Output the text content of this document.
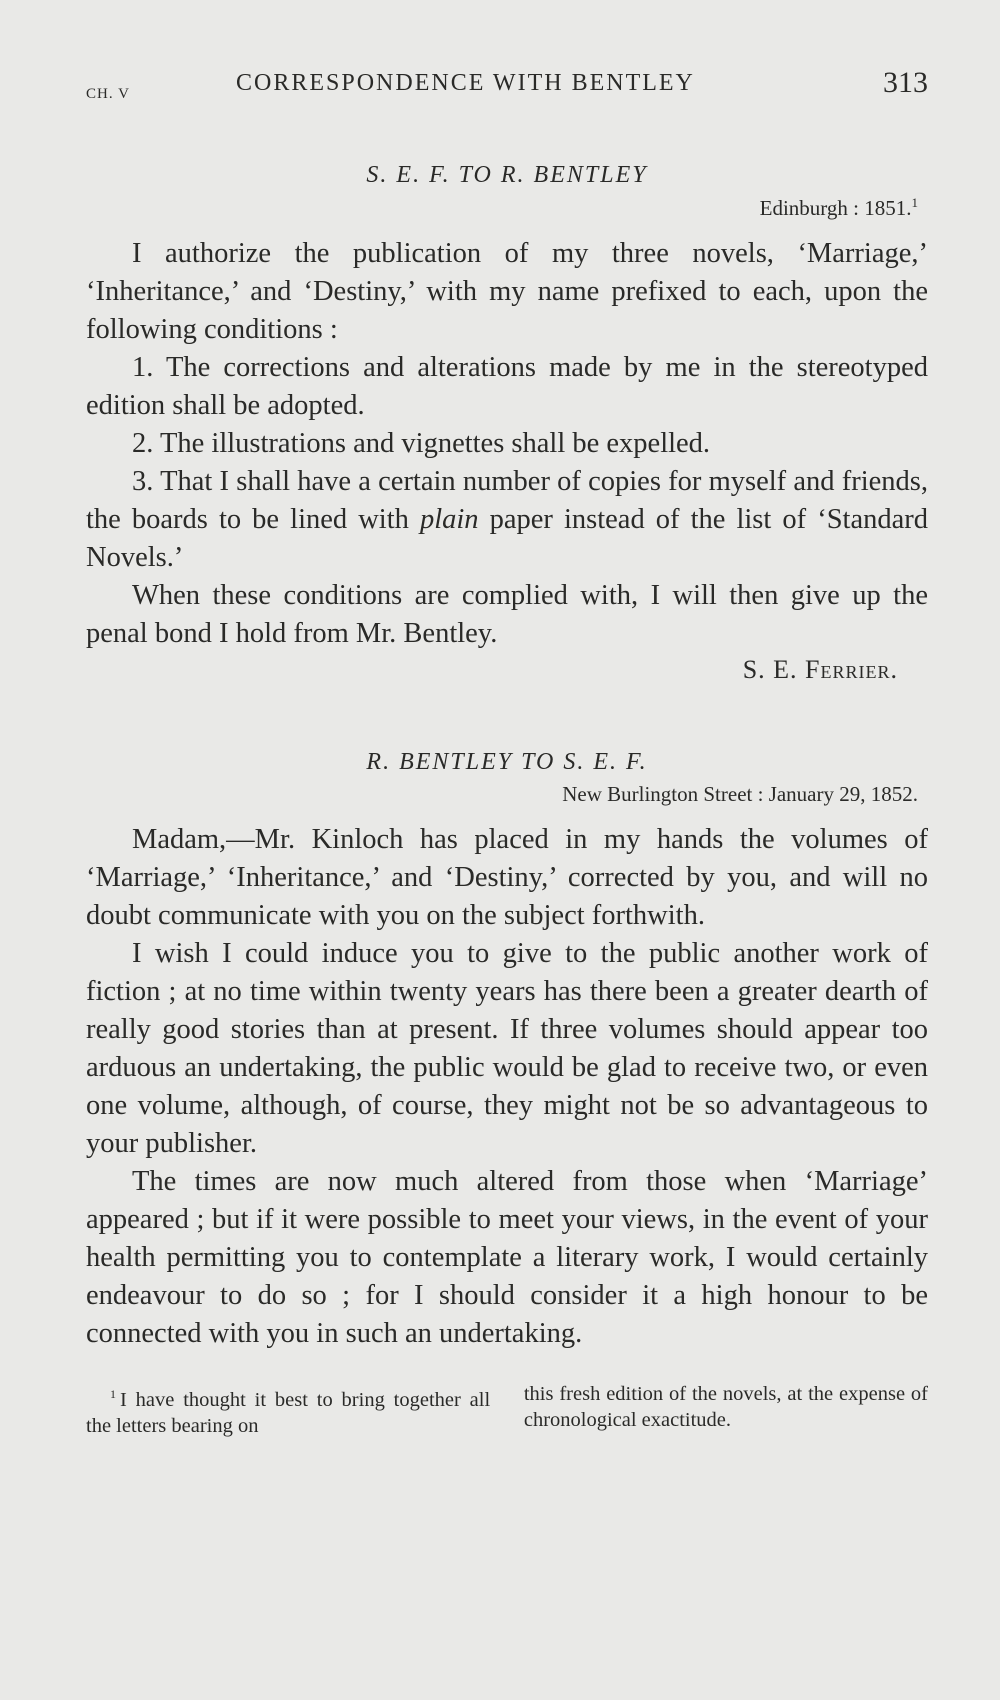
CH. V	CORRESPONDENCE WITH BENTLEY	313

S. E. F. TO R. BENTLEY

Edinburgh : 1851.$^1$

I authorize the publication of my three novels, ‘Marriage,’ ‘Inheritance,’ and ‘Destiny,’ with my name prefixed to each, upon the following conditions :

1. The corrections and alterations made by me in the stereotyped edition shall be adopted.

2. The illustrations and vignettes shall be expelled.

3. That I shall have a certain number of copies for myself and friends, the boards to be lined with plain paper instead of the list of ‘Standard Novels.’

When these conditions are complied with, I will then give up the penal bond I hold from Mr. Bentley.

S. E. Ferrier.

R. BENTLEY TO S. E. F.

New Burlington Street : January 29, 1852.

Madam,—Mr. Kinloch has placed in my hands the volumes of ‘Marriage,’ ‘Inheritance,’ and ‘Destiny,’ corrected by you, and will no doubt communicate with you on the subject forthwith.

I wish I could induce you to give to the public another work of fiction ; at no time within twenty years has there been a greater dearth of really good stories than at present. If three volumes should appear too arduous an undertaking, the public would be glad to receive two, or even one volume, although, of course, they might not be so advantageous to your publisher.

The times are now much altered from those when ‘Marriage’ appeared ; but if it were possible to meet your views, in the event of your health permitting you to contemplate a literary work, I would certainly endeavour to do so ; for I should consider it a high honour to be connected with you in such an undertaking.

$^1$ I have thought it best to bring together all the letters bearing on

this fresh edition of the novels, at the expense of chronological exactitude.
